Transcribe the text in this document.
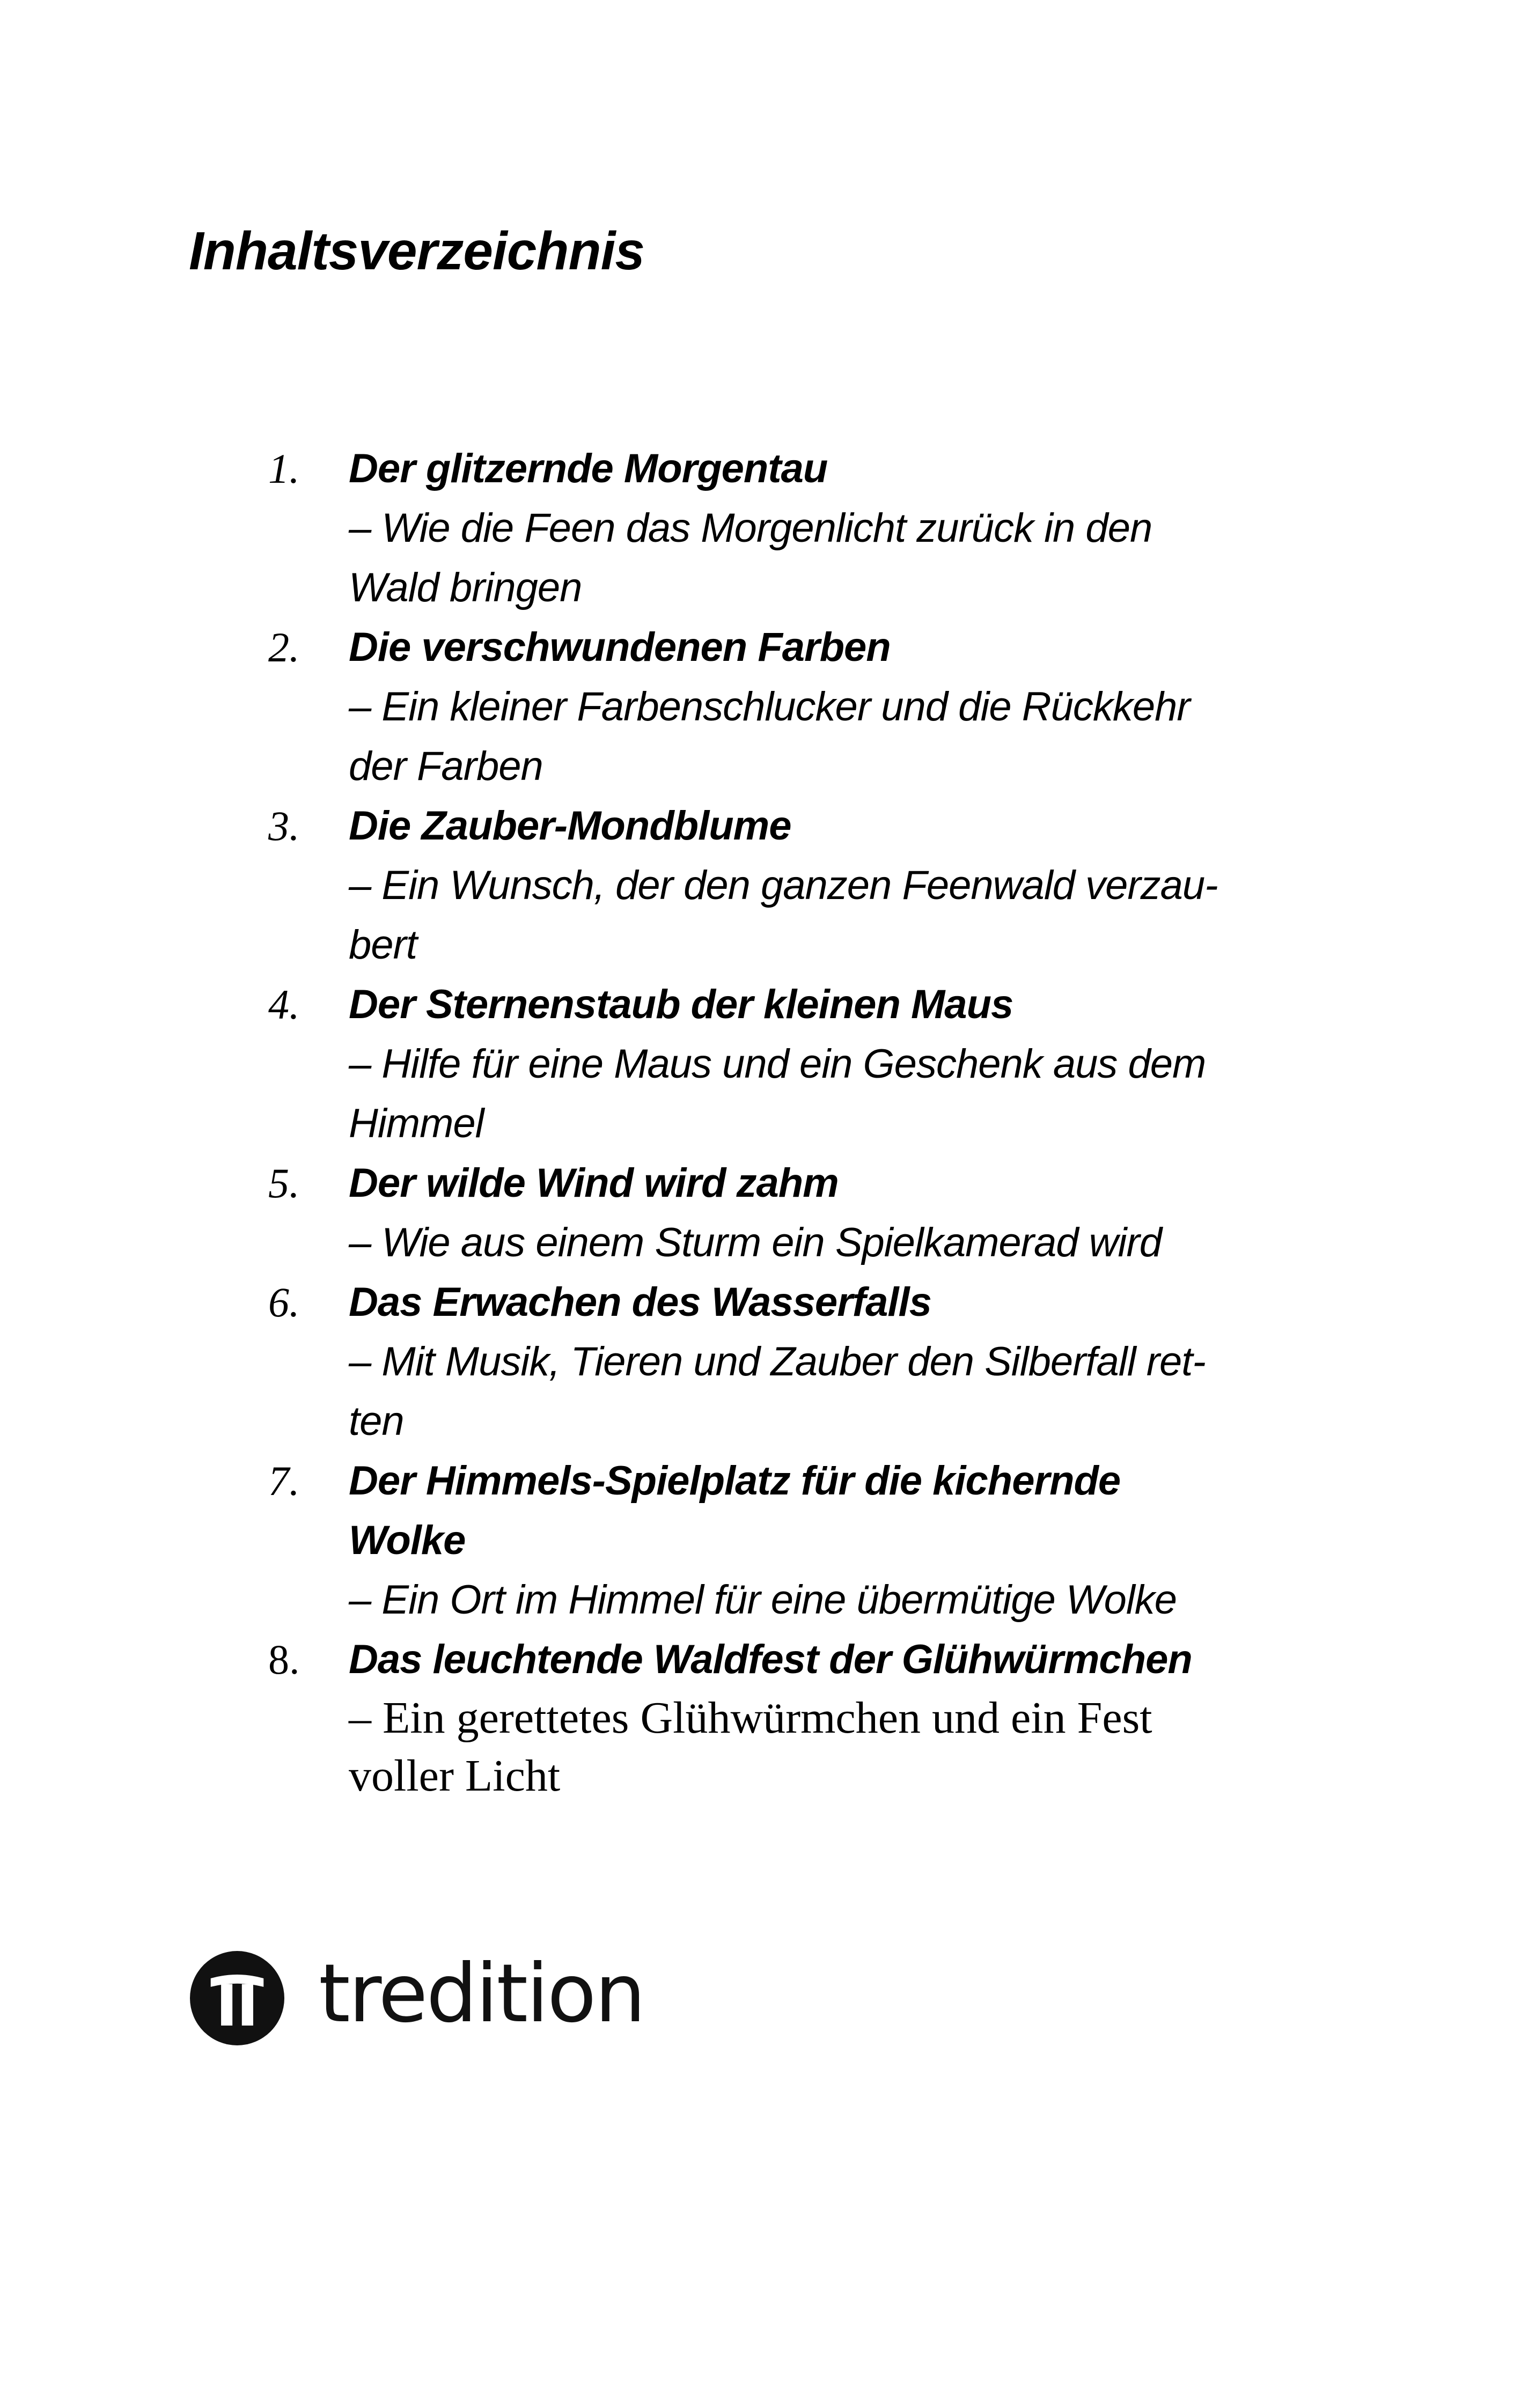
Inhaltsverzeichnis
1.	Der glitzernde Morgentau
– Wie die Feen das Morgenlicht zurück in den
Wald bringen
2.	Die verschwundenen Farben
– Ein kleiner Farbenschlucker und die Rückkehr
der Farben
3.	Die Zauber-Mondblume
– Ein Wunsch, der den ganzen Feenwald verzau-
bert
4.	Der Sternenstaub der kleinen Maus
– Hilfe für eine Maus und ein Geschenk aus dem
Himmel
5.	Der wilde Wind wird zahm
– Wie aus einem Sturm ein Spielkamerad wird
6.	Das Erwachen des Wasserfalls
– Mit Musik, Tieren und Zauber den Silberfall ret-
ten
7.	Der Himmels-Spielplatz für die kichernde
Wolke
– Ein Ort im Himmel für eine übermütige Wolke
8.	Das leuchtende Waldfest der Glühwürmchen
– Ein gerettetes Glühwürmchen und ein Fest
voller Licht
tredition
